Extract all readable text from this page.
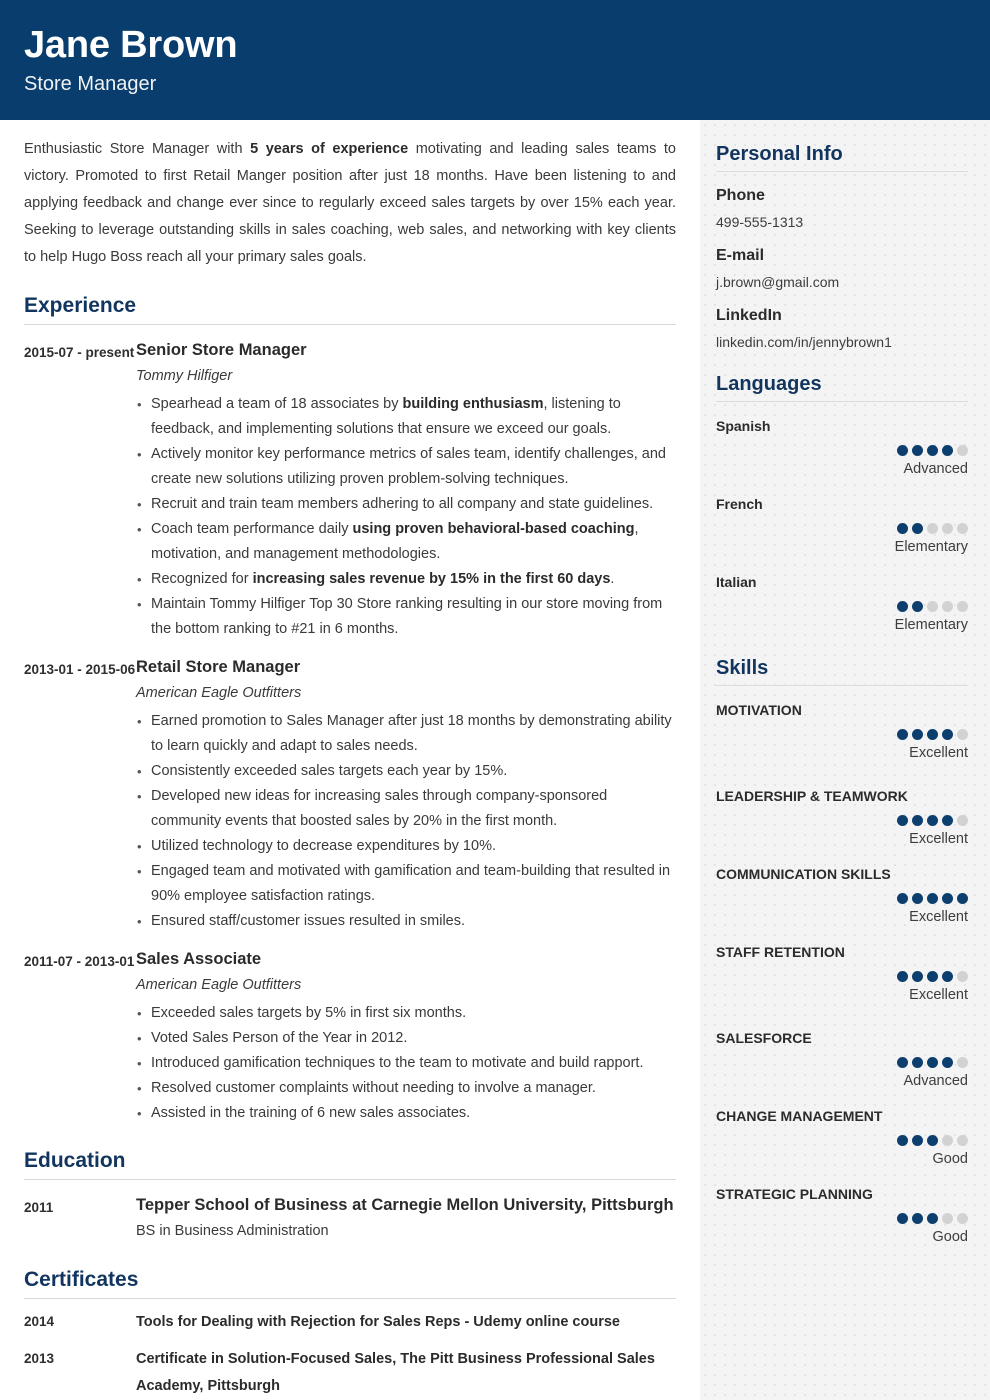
Jane Brown
Store Manager
Enthusiastic Store Manager with 5 years of experience motivating and leading sales teams to victory. Promoted to first Retail Manger position after just 18 months. Have been listening to and applying feedback and change ever since to regularly exceed sales targets by over 15% each year. Seeking to leverage outstanding skills in sales coaching, web sales, and networking with key clients to help Hugo Boss reach all your primary sales goals.
Experience
2015-07 - present Senior Store Manager
Tommy Hilfiger
• Spearhead a team of 18 associates by building enthusiasm, listening to feedback, and implementing solutions that ensure we exceed our goals.
• Actively monitor key performance metrics of sales team, identify challenges, and create new solutions utilizing proven problem-solving techniques.
• Recruit and train team members adhering to all company and state guidelines.
• Coach team performance daily using proven behavioral-based coaching, motivation, and management methodologies.
• Recognized for increasing sales revenue by 15% in the first 60 days.
• Maintain Tommy Hilfiger Top 30 Store ranking resulting in our store moving from the bottom ranking to #21 in 6 months.
2013-01 - 2015-06 Retail Store Manager
American Eagle Outfitters
• Earned promotion to Sales Manager after just 18 months by demonstrating ability to learn quickly and adapt to sales needs.
• Consistently exceeded sales targets each year by 15%.
• Developed new ideas for increasing sales through company-sponsored community events that boosted sales by 20% in the first month.
• Utilized technology to decrease expenditures by 10%.
• Engaged team and motivated with gamification and team-building that resulted in 90% employee satisfaction ratings.
• Ensured staff/customer issues resulted in smiles.
2011-07 - 2013-01 Sales Associate
American Eagle Outfitters
• Exceeded sales targets by 5% in first six months.
• Voted Sales Person of the Year in 2012.
• Introduced gamification techniques to the team to motivate and build rapport.
• Resolved customer complaints without needing to involve a manager.
• Assisted in the training of 6 new sales associates.
Education
2011	Tepper School of Business at Carnegie Mellon University, Pittsburgh
BS in Business Administration
Certificates
2014	Tools for Dealing with Rejection for Sales Reps - Udemy online course
2013	Certificate in Solution-Focused Sales, The Pitt Business Professional Sales Academy, Pittsburgh
Personal Info
Phone
499-555-1313
E-mail
j.brown@gmail.com
LinkedIn
linkedin.com/in/jennybrown1
Languages
Spanish
Advanced
French
Elementary
Italian
Elementary
Skills
MOTIVATION
Excellent
LEADERSHIP & TEAMWORK
Excellent
COMMUNICATION SKILLS
Excellent
STAFF RETENTION
Excellent
SALESFORCE
Advanced
CHANGE MANAGEMENT
Good
STRATEGIC PLANNING
Good
